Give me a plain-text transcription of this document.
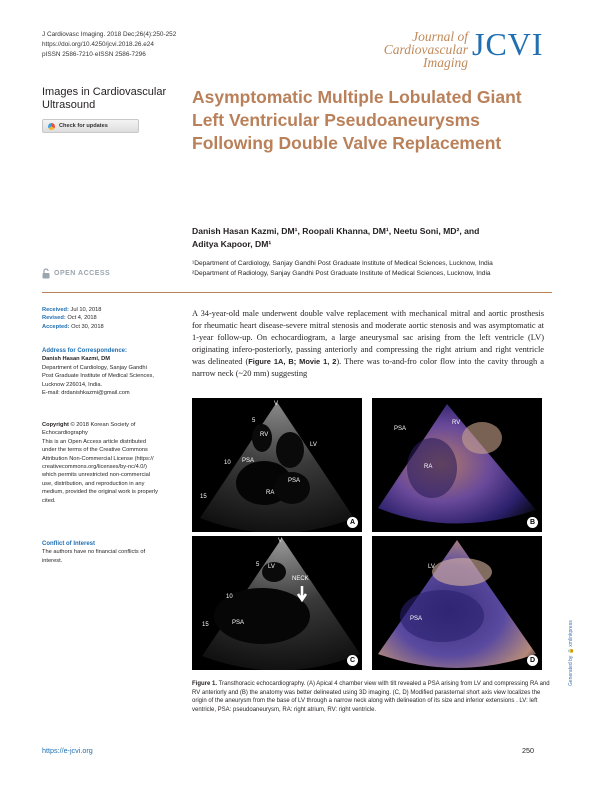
J Cardiovasc Imaging. 2018 Dec;26(4):250-252
https://doi.org/10.4250/jcvi.2018.26.e24
pISSN 2586-7210·eISSN 2586-7296
Journal of
Cardiovascular Imaging
JCVI
Images in Cardiovascular
Ultrasound
Check for updates
Asymptomatic Multiple Lobulated Giant Left Ventricular Pseudoaneurysms Following Double Valve Replacement
Danish Hasan Kazmi, DM¹, Roopali Khanna, DM¹, Neetu Soni, MD², and
Aditya Kapoor, DM¹
¹Department of Cardiology, Sanjay Gandhi Post Graduate Institute of Medical Sciences, Lucknow, India
²Department of Radiology, Sanjay Gandhi Post Graduate Institute of Medical Sciences, Lucknow, India
OPEN ACCESS
Received: Jul 10, 2018
Revised: Oct 4, 2018
Accepted: Oct 30, 2018
Address for Correspondence:
Danish Hasan Kazmi, DM
Department of Cardiology, Sanjay Gandhi
Post Graduate Institute of Medical Sciences,
Lucknow 226014, India.
E-mail: drdanishkazmi@gmail.com
Copyright © 2018 Korean Society of
Echocardiography
This is an Open Access article distributed
under the terms of the Creative Commons
Attribution Non-Commercial License (https://
creativecommons.org/licenses/by-nc/4.0/)
which permits unrestricted non-commercial
use, distribution, and reproduction in any
medium, provided the original work is properly
cited.
Conflict of Interest
The authors have no financial conflicts of
interest.
A 34-year-old male underwent double valve replacement with mechanical mitral and aortic prosthesis for rheumatic heart disease-severe mitral stenosis and moderate aortic stenosis and was asymptomatic at 1-year follow-up. On echocardiogram, a large aneurysmal sac arising from the left ventricle (LV) originating infero-posteriorly, passing anteriorly and compressing the right atrium and right ventricle was delineated (Figure 1A, B; Movie 1, 2). There was to-and-fro color flow into the cavity through a narrow neck (~20 mm) suggesting
V
5
RV
LV
PSA
PSA
RA
10
15
A
RV
PSA
RA
B
V
5 LV
NECK
10
PSA
15
C
LV
PSA
D
Figure 1. Transthoracic echocardiography. (A) Apical 4 chamber view with tilt revealed a PSA arising from LV and compressing RA and RV anteriorly and (B) the anatomy was better delineated using 3D imaging. (C, D) Modified parasternal short axis view localizes the origin of the aneurysm from the base of LV through a narrow neck along with delineation of its size and inferior extensions . LV: left ventricle, PSA: pseudoaneurysm, RA: right atrium, RV: right ventricle.
https://e-jcvi.org	250
Generated by 🔒 xmlinkpress
